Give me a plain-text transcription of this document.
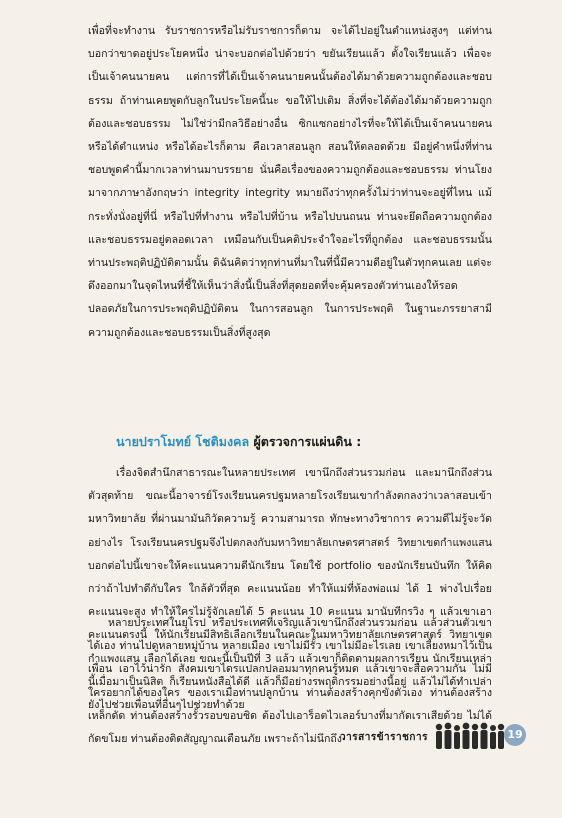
เพื่อที่จะทำงาน รับราชการหรือไม่รับราชการก็ตาม จะได้ไปอยู่ในตำแหน่งสูงๆ แต่ท่านบอกว่าขาดอยู่ประโยคหนึ่ง น่าจะบอกต่อไปด้วยว่า ขยันเรียนแล้ว ตั้งใจเรียนแล้ว เพื่อจะเป็นเจ้าคนนายคน แต่การที่ได้เป็นเจ้าคนนายคนนั้นต้องได้มาด้วยความถูกต้องและชอบธรรม ถ้าท่านเคยพูดกับลูกในประโยคนี้นะ ขอให้ไปเติม สิ่งที่จะได้ต้องได้มาด้วยความถูกต้องและชอบธรรม ไม่ใช่ว่ามีกลวิธีอย่างอื่น ซิกแซกอย่างไรที่จะให้ได้เป็นเจ้าคนนายคน หรือได้ตำแหน่ง หรือได้อะไรก็ตาม คือเวลาสอนลูก สอนให้ตลอดด้วย มีอยู่คำหนึ่งที่ท่านชอบพูดคำนี้มากเวลาท่านมาบรรยาย นั่นคือเรื่องของความถูกต้องและชอบธรรม ท่านโยงมาจากภาษาอังกฤษว่า integrity integrity หมายถึงว่าทุกครั้งไม่ว่าท่านจะอยู่ที่ไหน แม้กระทั่งนั่งอยู่ที่นี่ หรือไปที่ทำงาน หรือไปที่บ้าน หรือไปบนถนน ท่านจะยึดถือความถูกต้องและชอบธรรมอยู่ตลอดเวลา เหมือนกับเป็นคติประจำใจอะไรที่ถูกต้อง และชอบธรรมนั้นท่านประพฤติปฏิบัติตามนั้น ดิฉันคิดว่าทุกท่านที่มาในที่นี้มีความดีอยู่ในตัวทุกคนเลย แต่จะดึงออกมาในจุดไหนที่ชี้ให้เห็นว่าสิ่งนี้เป็นสิ่งที่สุดยอดที่จะคุ้มครองตัวท่านเองให้รอดปลอดภัยในการประพฤติปฏิบัติตน ในการสอนลูก ในการประพฤติ ในฐานะภรรยาสามี ความถูกต้องและชอบธรรมเป็นสิ่งที่สูงสุด

นายปราโมทย์ โชติมงคล ผู้ตรวจการแผ่นดิน :

เรื่องจิตสำนึกสาธารณะในหลายประเทศ เขานึกถึงส่วนรวมก่อน และมานึกถึงส่วนตัวสุดท้าย ขณะนี้อาจารย์โรงเรียนนครปฐมหลายโรงเรียนเขากำลังตกลงว่าเวลาสอบเข้ามหาวิทยาลัย ที่ผ่านมามันกิวัดความรู้ ความสามารถ ทักษะทางวิชาการ ความดีไม่รู้จะวัดอย่างไร โรงเรียนนครปฐมจึงไปตกลงกับมหาวิทยาลัยเกษตรศาสตร์ วิทยาเขตกำแพงแสน บอกต่อไปนี้เขาจะให้คะแนนความดีนักเรียน โดยใช้ portfolio ของนักเรียนบันทึก ให้คิดกว่าถ้าไปทำดีกับใคร ใกล้ตัวที่สุด คะแนนน้อย ทำให้แม่ที่ห้องพ่อแม่ ได้ 1 พ่างไปเรื่อยคะแนนจะสูง ทำให้ใครไม่รู้จักเลยได้ 5 คะแนน 10 คะแนน มานับทีกรวิง ๆ แล้วเขาเอาคะแนนตรงนี้ ให้นักเรียนมีสิทธิเลือกเรียนในคณะในมหาวิทยาลัยเกษตรศาสตร์ วิทยาเขตกำแพงแสน เลือกได้เลย ขณะนี้เป็นปีที่ 3 แล้ว แล้วเขาก็ติดตามผลการเรียน นักเรียนเหล่านี้เมื่อมาเป็นนิสิต ก็เรียนหนังสือได้ดี แล้วก็มีอย่างรพฤติกรรมอย่างนี้อยู่ แล้วไม่ได้ทำเปล่า ยังไปช่วยเพื่อนที่อื่นๆไปช่วยทำด้วย

หลายประเทศในยุโรป หรือประเทศที่เจริญแล้วเขานึกถึงส่วนรวมก่อน แล้วส่วนตัวเขาได้เอง ท่านไปดูหลายหมู่บ้าน หลายเมือง เขาไม่มีรั้ว เขาไม่มีอะไรเลย เขาเลี้ยงหมาไว้เป็นเพื่อน เอาไว้น่ารัก สังคมเขาไดรแปลกปลอมมาทุกคนรู้หมด แล้วเขาจะสื่อความกัน ไม่มีใครอยากได้ของใคร ของเราเมื่อท่านปลูกบ้าน ท่านต้องสร้างคุกขังตัวเอง ท่านต้องสร้างเหล็กดัด ท่านต้องสร้างรั้วรอบขอบชิด ต้องไปเอาร็อตไวเลอร์บางที่มากัดเราเสียด้วย ไม่ได้กัดขโมย ท่านต้องติดสัญญาณเตือนภัย เพราะถ้าไม่นึกถึง

วารสารข้าราชการ	19
